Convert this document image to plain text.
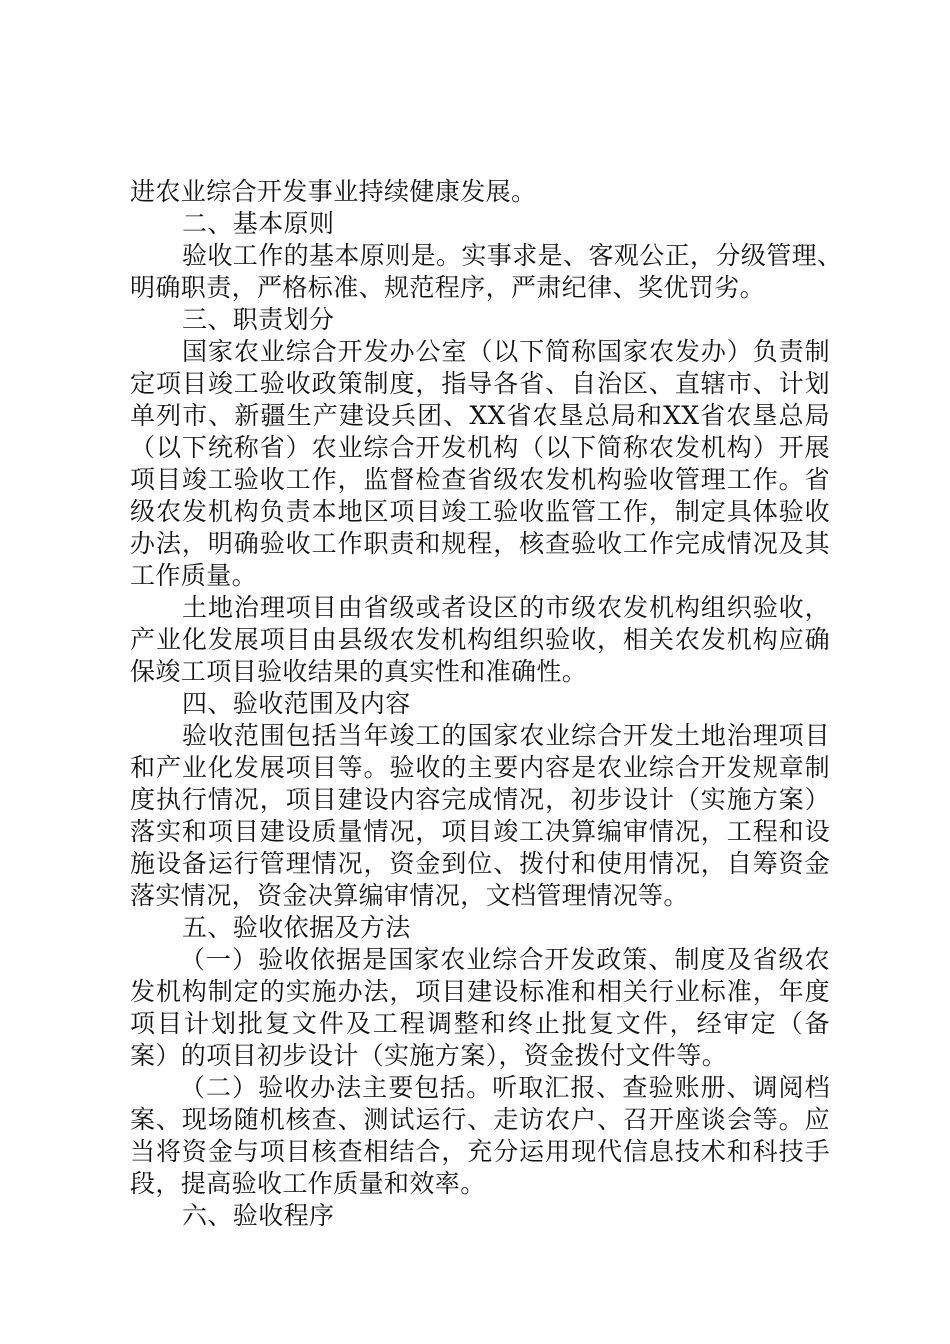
进农业综合开发事业持续健康发展。
二、基本原则
验收工作的基本原则是。实事求是、客观公正，分级管理、
明确职责，严格标准、规范程序，严肃纪律、奖优罚劣。
三、职责划分
国家农业综合开发办公室（以下简称国家农发办）负责制
定项目竣工验收政策制度，指导各省、自治区、直辖市、计划
单列市、新疆生产建设兵团、XX省农垦总局和XX省农垦总局
（以下统称省）农业综合开发机构（以下简称农发机构）开展
项目竣工验收工作，监督检查省级农发机构验收管理工作。省
级农发机构负责本地区项目竣工验收监管工作，制定具体验收
办法，明确验收工作职责和规程，核查验收工作完成情况及其
工作质量。
土地治理项目由省级或者设区的市级农发机构组织验收，
产业化发展项目由县级农发机构组织验收，相关农发机构应确
保竣工项目验收结果的真实性和准确性。
四、验收范围及内容
验收范围包括当年竣工的国家农业综合开发土地治理项目
和产业化发展项目等。验收的主要内容是农业综合开发规章制
度执行情况，项目建设内容完成情况，初步设计（实施方案）
落实和项目建设质量情况，项目竣工决算编审情况，工程和设
施设备运行管理情况，资金到位、拨付和使用情况，自筹资金
落实情况，资金决算编审情况，文档管理情况等。
五、验收依据及方法
（一）验收依据是国家农业综合开发政策、制度及省级农
发机构制定的实施办法，项目建设标准和相关行业标准，年度
项目计划批复文件及工程调整和终止批复文件，经审定（备
案）的项目初步设计（实施方案），资金拨付文件等。
（二）验收办法主要包括。听取汇报、查验账册、调阅档
案、现场随机核查、测试运行、走访农户、召开座谈会等。应
当将资金与项目核查相结合，充分运用现代信息技术和科技手
段，提高验收工作质量和效率。
六、验收程序
